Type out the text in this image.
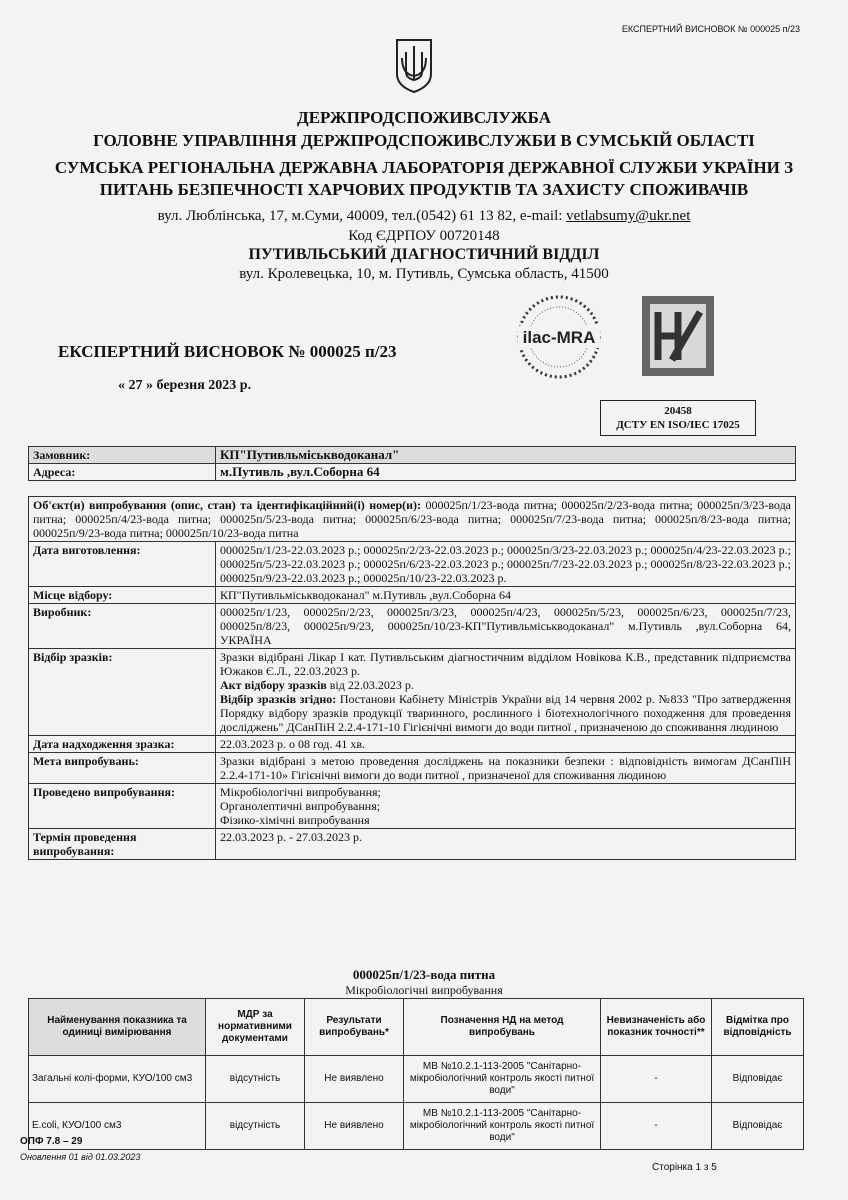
ЕКСПЕРТНИЙ ВИСНОВОК № 000025 п/23
ДЕРЖПРОДСПОЖИВСЛУЖБА
ГОЛОВНЕ УПРАВЛІННЯ ДЕРЖПРОДСПОЖИВСЛУЖБИ В СУМСЬКІЙ ОБЛАСТІ
СУМСЬКА РЕГІОНАЛЬНА ДЕРЖАВНА ЛАБОРАТОРІЯ ДЕРЖАВНОЇ СЛУЖБИ УКРАЇНИ З
ПИТАНЬ БЕЗПЕЧНОСТІ ХАРЧОВИХ ПРОДУКТІВ ТА ЗАХИСТУ СПОЖИВАЧІВ
вул. Люблінська, 17, м.Суми, 40009, тел.(0542) 61 13 82, e-mail: vetlabsumy@ukr.net
Код ЄДРПОУ 00720148
ПУТИВЛЬСЬКИЙ ДІАГНОСТИЧНИЙ ВІДДІЛ
вул. Кролевецька, 10, м. Путивль, Сумська область, 41500
ilac-MRA
ЕКСПЕРТНИЙ ВИСНОВОК № 000025 п/23
« 27 » березня 2023 р.
20458
ДСТУ EN ISO/IEC 17025
Замовник:	КП"Путивльміськводоканал"
Адреса:	м.Путивль ,вул.Соборна 64
Об'єкт(и) випробування (опис, стан) та ідентифікаційний(і) номер(и): 000025п/1/23-вода питна; 000025п/2/23-вода питна; 000025п/3/23-вода питна; 000025п/4/23-вода питна; 000025п/5/23-вода питна; 000025п/6/23-вода питна; 000025п/7/23-вода питна; 000025п/8/23-вода питна; 000025п/9/23-вода питна; 000025п/10/23-вода питна	
Дата виготовлення:	000025п/1/23-22.03.2023 р.; 000025п/2/23-22.03.2023 р.; 000025п/3/23-22.03.2023 р.; 000025п/4/23-22.03.2023 р.; 000025п/5/23-22.03.2023 р.; 000025п/6/23-22.03.2023 р.; 000025п/7/23-22.03.2023 р.; 000025п/8/23-22.03.2023 р.; 000025п/9/23-22.03.2023 р.; 000025п/10/23-22.03.2023 р.
Місце відбору:	КП"Путивльміськводоканал" м.Путивль ,вул.Соборна 64
Виробник:	000025п/1/23, 000025п/2/23, 000025п/3/23, 000025п/4/23, 000025п/5/23, 000025п/6/23, 000025п/7/23, 000025п/8/23, 000025п/9/23, 000025п/10/23-КП"Путивльміськводоканал" м.Путивль ,вул.Соборна 64, УКРАЇНА
Відбір зразків:	Зразки відібрані Лікар І кат. Путивльським діагностичним відділом Новікова К.В., представник підприємства Южаков Є.Л., 22.03.2023 р.
Акт відбору зразків від 22.03.2023 р.
Відбір зразків згідно: Постанови Кабінету Міністрів України від 14 червня 2002 р. №833 "Про затвердження Порядку відбору зразків продукції тваринного, рослинного і біотехнологічного походження для проведення досліджень" ДСанПіН 2.2.4-171-10 Гігієнічні вимоги до води питної , призначеною до споживання людиною

Дата надходження зразка:	22.03.2023 р. о 08 год. 41 хв.
Мета випробувань:	Зразки відібрані з метою проведення досліджень на показники безпеки : відповідність вимогам ДСанПіН 2.2.4-171-10» Гігієнічні вимоги до води питної , призначеної для споживання людиною
Проведено випробування:	Мікробіологічні випробування;
Органолептичні випробування;
Фізико-хімічні випробування

Термін проведення випробування:	22.03.2023 р. - 27.03.2023 р.
000025п/1/23-вода питна
Мікробіологічні випробування
Найменування показника та одиниці вимірювання	МДР за нормативними документами	Результати випробувань*	Позначення НД на метод випробувань	Невизначеність або показник точності**	Відмітка про відповідність
Загальні колі-форми, КУО/100 см3	відсутність	Не виявлено	МВ №10.2.1-113-2005 "Санітарно-мікробіологічний контроль якості питної води"	-	Відповідає
E.coli, КУО/100 см3	відсутність	Не виявлено	МВ №10.2.1-113-2005 "Санітарно-мікробіологічний контроль якості питної води"	-	Відповідає
ОПФ 7.8 – 29
Оновлення 01 від 01.03.2023
Сторінка 1 з 5
